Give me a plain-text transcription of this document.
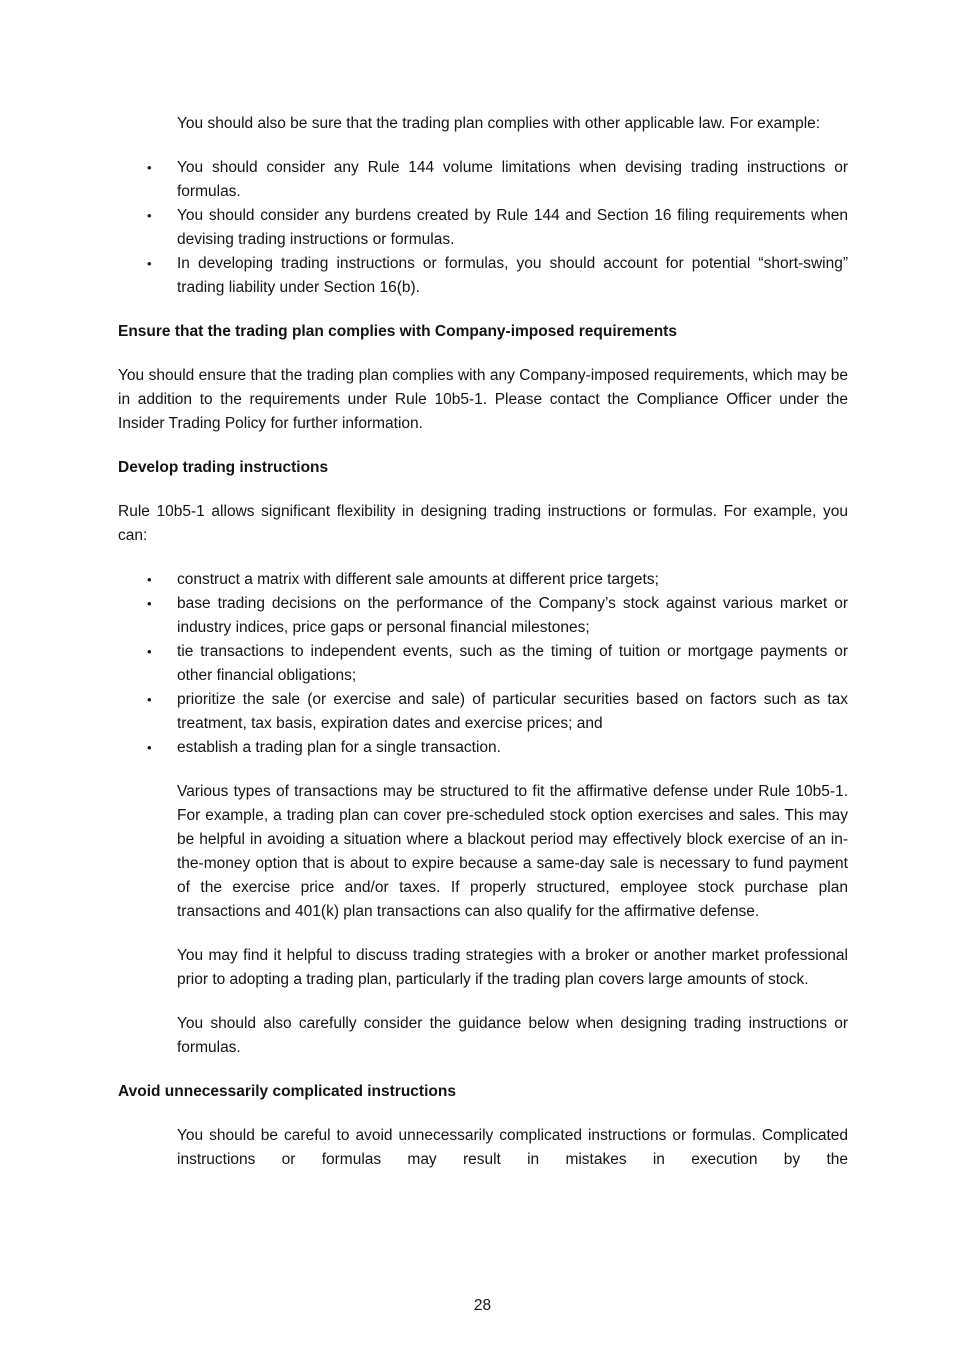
You should also be sure that the trading plan complies with other applicable law. For example:

•	You should consider any Rule 144 volume limitations when devising trading instructions or formulas.
•	You should consider any burdens created by Rule 144 and Section 16 filing requirements when devising trading instructions or formulas.
•	In developing trading instructions or formulas, you should account for potential “short-swing” trading liability under Section 16(b).

Ensure that the trading plan complies with Company-imposed requirements

You should ensure that the trading plan complies with any Company-imposed requirements, which may be in addition to the requirements under Rule 10b5-1. Please contact the Compliance Officer under the Insider Trading Policy for further information.

Develop trading instructions

Rule 10b5-1 allows significant flexibility in designing trading instructions or formulas. For example, you can:

•	construct a matrix with different sale amounts at different price targets;
•	base trading decisions on the performance of the Company’s stock against various market or industry indices, price gaps or personal financial milestones;
•	tie transactions to independent events, such as the timing of tuition or mortgage payments or other financial obligations;
•	prioritize the sale (or exercise and sale) of particular securities based on factors such as tax treatment, tax basis, expiration dates and exercise prices; and
•	establish a trading plan for a single transaction.

Various types of transactions may be structured to fit the affirmative defense under Rule 10b5-1. For example, a trading plan can cover pre-scheduled stock option exercises and sales. This may be helpful in avoiding a situation where a blackout period may effectively block exercise of an in-the-money option that is about to expire because a same-day sale is necessary to fund payment of the exercise price and/or taxes. If properly structured, employee stock purchase plan transactions and 401(k) plan transactions can also qualify for the affirmative defense.

You may find it helpful to discuss trading strategies with a broker or another market professional prior to adopting a trading plan, particularly if the trading plan covers large amounts of stock.

You should also carefully consider the guidance below when designing trading instructions or formulas.

Avoid unnecessarily complicated instructions

You should be careful to avoid unnecessarily complicated instructions or formulas. Complicated instructions or formulas may result in mistakes in execution by the

28
